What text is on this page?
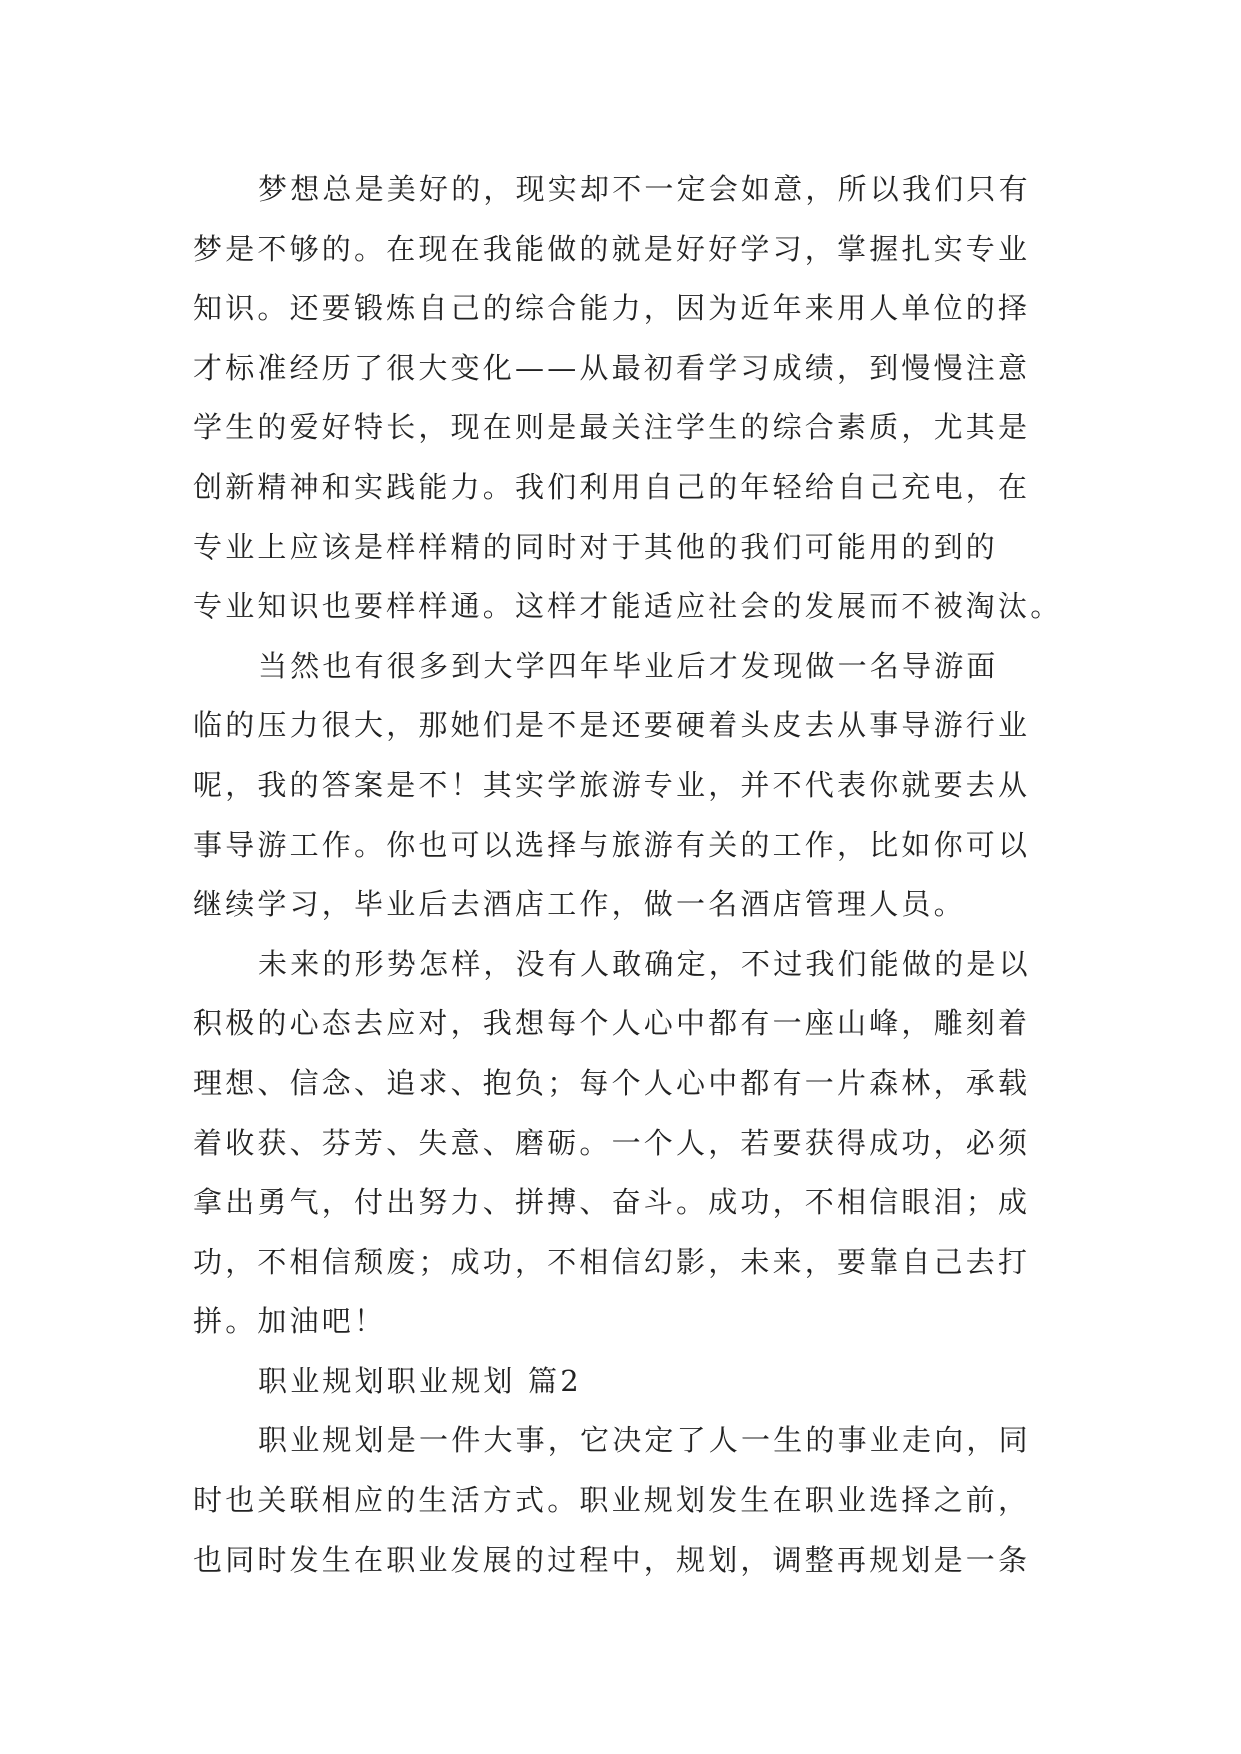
梦想总是美好的，现实却不一定会如意，所以我们只有
梦是不够的。在现在我能做的就是好好学习，掌握扎实专业
知识。还要锻炼自己的综合能力，因为近年来用人单位的择
才标准经历了很大变化——从最初看学习成绩，到慢慢注意
学生的爱好特长，现在则是最关注学生的综合素质，尤其是
创新精神和实践能力。我们利用自己的年轻给自己充电，在
专业上应该是样样精的同时对于其他的我们可能用的到的
专业知识也要样样通。这样才能适应社会的发展而不被淘汰。
当然也有很多到大学四年毕业后才发现做一名导游面
临的压力很大，那她们是不是还要硬着头皮去从事导游行业
呢，我的答案是不！其实学旅游专业，并不代表你就要去从
事导游工作。你也可以选择与旅游有关的工作，比如你可以
继续学习，毕业后去酒店工作，做一名酒店管理人员。
未来的形势怎样，没有人敢确定，不过我们能做的是以
积极的心态去应对，我想每个人心中都有一座山峰，雕刻着
理想、信念、追求、抱负；每个人心中都有一片森林，承载
着收获、芬芳、失意、磨砺。一个人，若要获得成功，必须
拿出勇气，付出努力、拼搏、奋斗。成功，不相信眼泪；成
功，不相信颓废；成功，不相信幻影，未来，要靠自己去打
拼。加油吧！
职业规划职业规划 篇2
职业规划是一件大事，它决定了人一生的事业走向，同
时也关联相应的生活方式。职业规划发生在职业选择之前，
也同时发生在职业发展的过程中，规划，调整再规划是一条
